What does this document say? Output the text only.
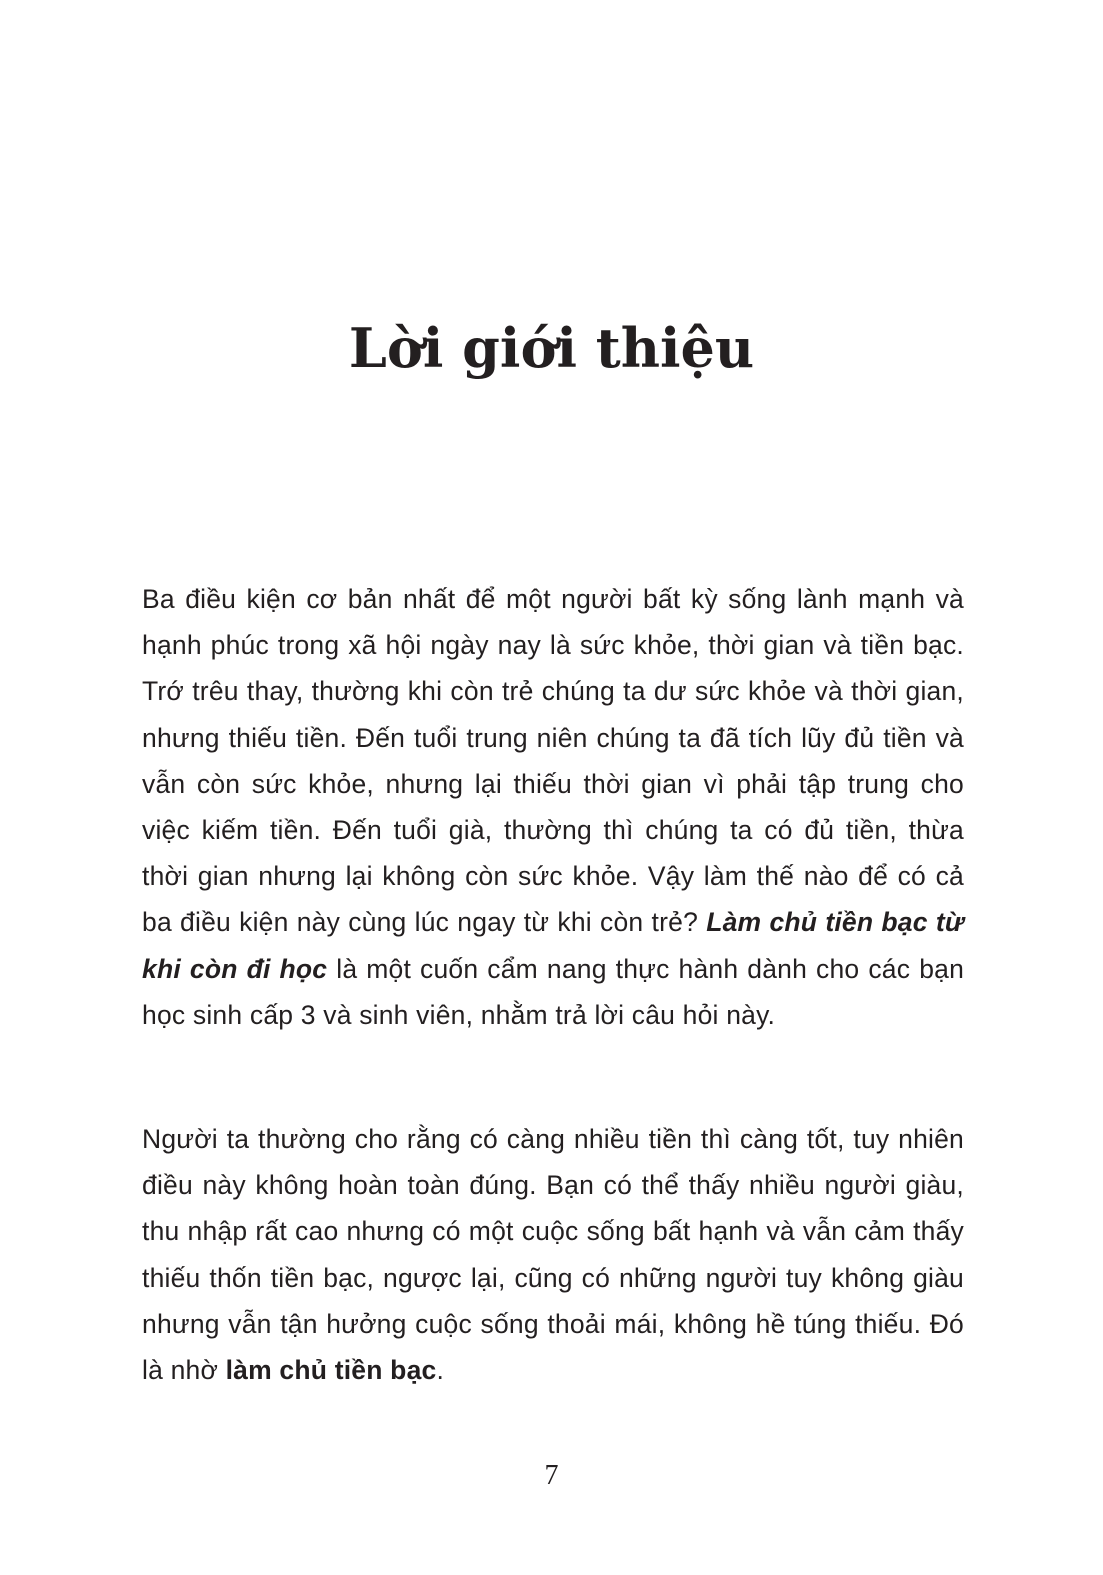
Lời giới thiệu

Ba điều kiện cơ bản nhất để một người bất kỳ sống lành mạnh và hạnh phúc trong xã hội ngày nay là sức khỏe, thời gian và tiền bạc. Trớ trêu thay, thường khi còn trẻ chúng ta dư sức khỏe và thời gian, nhưng thiếu tiền. Đến tuổi trung niên chúng ta đã tích lũy đủ tiền và vẫn còn sức khỏe, nhưng lại thiếu thời gian vì phải tập trung cho việc kiếm tiền. Đến tuổi già, thường thì chúng ta có đủ tiền, thừa thời gian nhưng lại không còn sức khỏe. Vậy làm thế nào để có cả ba điều kiện này cùng lúc ngay từ khi còn trẻ? Làm chủ tiền bạc từ khi còn đi học là một cuốn cẩm nang thực hành dành cho các bạn học sinh cấp 3 và sinh viên, nhằm trả lời câu hỏi này.

Người ta thường cho rằng có càng nhiều tiền thì càng tốt, tuy nhiên điều này không hoàn toàn đúng. Bạn có thể thấy nhiều người giàu, thu nhập rất cao nhưng có một cuộc sống bất hạnh và vẫn cảm thấy thiếu thốn tiền bạc, ngược lại, cũng có những người tuy không giàu nhưng vẫn tận hưởng cuộc sống thoải mái, không hề túng thiếu. Đó là nhờ làm chủ tiền bạc.

7
